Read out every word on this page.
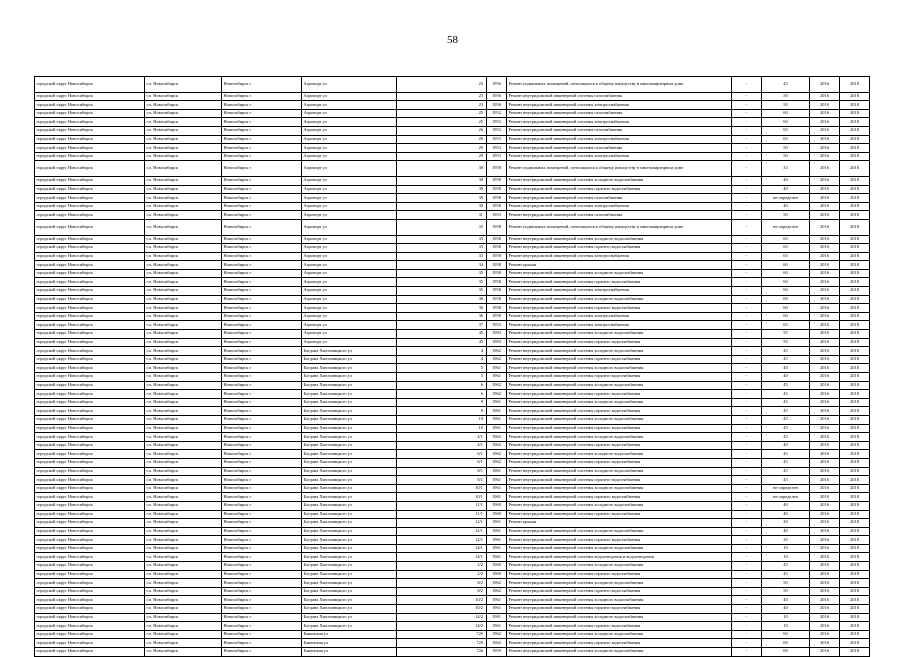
58
городской округ Новосибирск	г.о. Новосибирск	Новосибирск г	Аэропорт ул	23	1956	Ремонт подвальных помещений, относящихся к общему имуществу в многоквартирном доме	-	45	2016	2018
городской округ Новосибирск	г.о. Новосибирск	Новосибирск г	Аэропорт ул	23	1956	Ремонт внутридомовой инженерной системы газоснабжения	-	50	2016	2018
городской округ Новосибирск	г.о. Новосибирск	Новосибирск г	Аэропорт ул	23	1956	Ремонт внутридомовой инженерной системы электроснабжения	-	50	2016	2018
городской округ Новосибирск	г.о. Новосибирск	Новосибирск г	Аэропорт ул	25	1952	Ремонт внутридомовой инженерной системы газоснабжения	-	60	2016	2018
городской округ Новосибирск	г.о. Новосибирск	Новосибирск г	Аэропорт ул	25	1953	Ремонт внутридомовой инженерной системы электроснабжения	-	60	2016	2018
городской округ Новосибирск	г.о. Новосибирск	Новосибирск г	Аэропорт ул	26	1953	Ремонт внутридомовой инженерной системы газоснабжения	-	65	2016	2018
городской округ Новосибирск	г.о. Новосибирск	Новосибирск г	Аэропорт ул	26	1953	Ремонт внутридомовой инженерной системы электроснабжения	-	65	2016	2018
городской округ Новосибирск	г.о. Новосибирск	Новосибирск г	Аэропорт ул	29	1953	Ремонт внутридомовой инженерной системы газоснабжения	-	50	2016	2018
городской округ Новосибирск	г.о. Новосибирск	Новосибирск г	Аэропорт ул	29	1953	Ремонт внутридомовой инженерной системы электроснабжения	-	50	2016	2018
городской округ Новосибирск	г.о. Новосибирск	Новосибирск г	Аэропорт ул	30	1958	Ремонт подвальных помещений, относящихся к общему имуществу в многоквартирном доме	-	33	2016	2018
городской округ Новосибирск	г.о. Новосибирск	Новосибирск г	Аэропорт ул	30	1958	Ремонт внутридомовой инженерной системы холодного водоснабжения	-	40	2016	2018
городской округ Новосибирск	г.о. Новосибирск	Новосибирск г	Аэропорт ул	30	1958	Ремонт внутридомовой инженерной системы горячего водоснабжения	-	40	2016	2018
городской округ Новосибирск	г.о. Новосибирск	Новосибирск г	Аэропорт ул	30	1958	Ремонт внутридомовой инженерной системы газоснабжения	-	не определен	2016	2018
городской округ Новосибирск	г.о. Новосибирск	Новосибирск г	Аэропорт ул	30	1958	Ремонт внутридомовой инженерной системы электроснабжения	-	40	2016	2018
городской округ Новосибирск	г.о. Новосибирск	Новосибирск г	Аэропорт ул	31	1953	Ремонт внутридомовой инженерной системы газоснабжения	-	50	2016	2018
городской округ Новосибирск	г.о. Новосибирск	Новосибирск г	Аэропорт ул	33	1958	Ремонт подвальных помещений, относящихся к общему имуществу в многоквартирном доме	-	не определен	2016	2018
городской округ Новосибирск	г.о. Новосибирск	Новосибирск г	Аэропорт ул	33	1958	Ремонт внутридомовой инженерной системы холодного водоснабжения	-	65	2016	2018
городской округ Новосибирск	г.о. Новосибирск	Новосибирск г	Аэропорт ул	33	1958	Ремонт внутридомовой инженерной системы горячего водоснабжения	-	65	2016	2018
городской округ Новосибирск	г.о. Новосибирск	Новосибирск г	Аэропорт ул	33	1958	Ремонт внутридомовой инженерной системы электроснабжения	-	65	2016	2018
городской округ Новосибирск	г.о. Новосибирск	Новосибирск г	Аэропорт ул	34	1958	Ремонт крыши	-	60	2016	2018
городской округ Новосибирск	г.о. Новосибирск	Новосибирск г	Аэропорт ул	35	1958	Ремонт внутридомовой инженерной системы холодного водоснабжения	-	60	2016	2018
городской округ Новосибирск	г.о. Новосибирск	Новосибирск г	Аэропорт ул	35	1958	Ремонт внутридомовой инженерной системы горячего водоснабжения	-	60	2016	2018
городской округ Новосибирск	г.о. Новосибирск	Новосибирск г	Аэропорт ул	35	1958	Ремонт внутридомовой инженерной системы электроснабжения	-	60	2016	2018
городской округ Новосибирск	г.о. Новосибирск	Новосибирск г	Аэропорт ул	36	1958	Ремонт внутридомовой инженерной системы холодного водоснабжения	-	60	2016	2018
городской округ Новосибирск	г.о. Новосибирск	Новосибирск г	Аэропорт ул	36	1958	Ремонт внутридомовой инженерной системы горячего водоснабжения	-	60	2016	2018
городской округ Новосибирск	г.о. Новосибирск	Новосибирск г	Аэропорт ул	36	1958	Ремонт внутридомовой инженерной системы электроснабжения	-	60	2016	2018
городской округ Новосибирск	г.о. Новосибирск	Новосибирск г	Аэропорт ул	37	1953	Ремонт внутридомовой инженерной системы электроснабжения	-	65	2016	2018
городской округ Новосибирск	г.о. Новосибирск	Новосибирск г	Аэропорт ул	45	1983	Ремонт внутридомовой инженерной системы холодного водоснабжения	-	55	2016	2018
городской округ Новосибирск	г.о. Новосибирск	Новосибирск г	Аэропорт ул	45	1983	Ремонт внутридомовой инженерной системы горячего водоснабжения	-	55	2016	2018
городской округ Новосибирск	г.о. Новосибирск	Новосибирск г	Богдана Хмельницкого ул	4	1962	Ремонт внутридомовой инженерной системы холодного водоснабжения	-	45	2016	2018
городской округ Новосибирск	г.о. Новосибирск	Новосибирск г	Богдана Хмельницкого ул	4	1962	Ремонт внутридомовой инженерной системы горячего водоснабжения	-	45	2016	2018
городской округ Новосибирск	г.о. Новосибирск	Новосибирск г	Богдана Хмельницкого ул	5	1961	Ремонт внутридомовой инженерной системы холодного водоснабжения	-	40	2016	2018
городской округ Новосибирск	г.о. Новосибирск	Новосибирск г	Богдана Хмельницкого ул	5	1961	Ремонт внутридомовой инженерной системы горячего водоснабжения	-	40	2016	2018
городской округ Новосибирск	г.о. Новосибирск	Новосибирск г	Богдана Хмельницкого ул	6	1962	Ремонт внутридомовой инженерной системы холодного водоснабжения	-	45	2016	2018
городской округ Новосибирск	г.о. Новосибирск	Новосибирск г	Богдана Хмельницкого ул	6	1962	Ремонт внутридомовой инженерной системы горячего водоснабжения	-	45	2016	2018
городской округ Новосибирск	г.о. Новосибирск	Новосибирск г	Богдана Хмельницкого ул	8	1961	Ремонт внутридомовой инженерной системы холодного водоснабжения	-	45	2016	2018
городской округ Новосибирск	г.о. Новосибирск	Новосибирск г	Богдана Хмельницкого ул	8	1961	Ремонт внутридомовой инженерной системы горячего водоснабжения	-	45	2016	2018
городской округ Новосибирск	г.о. Новосибирск	Новосибирск г	Богдана Хмельницкого ул	10	1961	Ремонт внутридомовой инженерной системы холодного водоснабжения	-	45	2016	2018
городской округ Новосибирск	г.о. Новосибирск	Новосибирск г	Богдана Хмельницкого ул	10	1961	Ремонт внутридомовой инженерной системы горячего водоснабжения	-	45	2016	2018
городской округ Новосибирск	г.о. Новосибирск	Новосибирск г	Богдана Хмельницкого ул	4/1	1962	Ремонт внутридомовой инженерной системы холодного водоснабжения	-	45	2016	2018
городской округ Новосибирск	г.о. Новосибирск	Новосибирск г	Богдана Хмельницкого ул	4/1	1962	Ремонт внутридомовой инженерной системы горячего водоснабжения	-	40	2016	2018
городской округ Новосибирск	г.о. Новосибирск	Новосибирск г	Богдана Хмельницкого ул	6/1	1962	Ремонт внутридомовой инженерной системы холодного водоснабжения	-	45	2016	2018
городской округ Новосибирск	г.о. Новосибирск	Новосибирск г	Богдана Хмельницкого ул	6/1	1962	Ремонт внутридомовой инженерной системы горячего водоснабжения	-	45	2016	2018
городской округ Новосибирск	г.о. Новосибирск	Новосибирск г	Богдана Хмельницкого ул	8/1	1961	Ремонт внутридомовой инженерной системы холодного водоснабжения	-	45	2016	2018
городской округ Новосибирск	г.о. Новосибирск	Новосибирск г	Богдана Хмельницкого ул	8/1	1961	Ремонт внутридомовой инженерной системы горячего водоснабжения	-	45	2016	2018
городской округ Новосибирск	г.о. Новосибирск	Новосибирск г	Богдана Хмельницкого ул	10/1	1961	Ремонт внутридомовой инженерной системы холодного водоснабжения	-	не определен	2016	2018
городской округ Новосибирск	г.о. Новосибирск	Новосибирск г	Богдана Хмельницкого ул	10/1	1961	Ремонт внутридомовой инженерной системы горячего водоснабжения	-	не определен	2016	2018
городской округ Новосибирск	г.о. Новосибирск	Новосибирск г	Богдана Хмельницкого ул	11/1	1960	Ремонт внутридомовой инженерной системы холодного водоснабжения	-	40	2016	2018
городской округ Новосибирск	г.о. Новосибирск	Новосибирск г	Богдана Хмельницкого ул	11/1	1960	Ремонт внутридомовой инженерной системы горячего водоснабжения	-	40	2016	2018
городской округ Новосибирск	г.о. Новосибирск	Новосибирск г	Богдана Хмельницкого ул	12/1	1961	Ремонт крыши	-	20	2016	2018
городской округ Новосибирск	г.о. Новосибирск	Новосибирск г	Богдана Хмельницкого ул	12/1	1961	Ремонт внутридомовой инженерной системы холодного водоснабжения	-	40	2016	2018
городской округ Новосибирск	г.о. Новосибирск	Новосибирск г	Богдана Хмельницкого ул	12/1	1961	Ремонт внутридомовой инженерной системы горячего водоснабжения	-	35	2016	2018
городской округ Новосибирск	г.о. Новосибирск	Новосибирск г	Богдана Хмельницкого ул	14/1	1961	Ремонт внутридомовой инженерной системы холодного водоснабжения	-	10	2016	2018
городской округ Новосибирск	г.о. Новосибирск	Новосибирск г	Богдана Хмельницкого ул	14/1	1961	Ремонт внутридомовой инженерной системы водоотведения и водоотведения	-	10	2016	2018
городской округ Новосибирск	г.о. Новосибирск	Новосибирск г	Богдана Хмельницкого ул	2/2	1960	Ремонт внутридомовой инженерной системы холодного водоснабжения	-	45	2016	2018
городской округ Новосибирск	г.о. Новосибирск	Новосибирск г	Богдана Хмельницкого ул	2/2	1960	Ремонт внутридомовой инженерной системы горячего водоснабжения	-	45	2016	2018
городской округ Новосибирск	г.о. Новосибирск	Новосибирск г	Богдана Хмельницкого ул	8/2	1962	Ремонт внутридомовой инженерной системы холодного водоснабжения	-	50	2016	2018
городской округ Новосибирск	г.о. Новосибирск	Новосибирск г	Богдана Хмельницкого ул	8/2	1962	Ремонт внутридомовой инженерной системы горячего водоснабжения	-	50	2016	2018
городской округ Новосибирск	г.о. Новосибирск	Новосибирск г	Богдана Хмельницкого ул	10/2	1961	Ремонт внутридомовой инженерной системы холодного водоснабжения	-	40	2016	2018
городской округ Новосибирск	г.о. Новосибирск	Новосибирск г	Богдана Хмельницкого ул	10/2	1961	Ремонт внутридомовой инженерной системы горячего водоснабжения	-	40	2016	2018
городской округ Новосибирск	г.о. Новосибирск	Новосибирск г	Богдана Хмельницкого ул	14/2	1961	Ремонт внутридомовой инженерной системы холодного водоснабжения	-	10	2016	2018
городской округ Новосибирск	г.о. Новосибирск	Новосибирск г	Богдана Хмельницкого ул	14/2	1961	Ремонт внутридомовой инженерной системы горячего водоснабжения	-	10	2016	2018
городской округ Новосибирск	г.о. Новосибирск	Новосибирск г	Бакинская ул	72б	1962	Ремонт внутридомовой инженерной системы холодного водоснабжения	-	60	2016	2018
городской округ Новосибирск	г.о. Новосибирск	Новосибирск г	Бакинская ул	72б	1962	Ремонт внутридомовой инженерной системы горячего водоснабжения	-	60	2016	2018
городской округ Новосибирск	г.о. Новосибирск	Новосибирск г	Бакинская ул	72в	1959	Ремонт внутридомовой инженерной системы холодного водоснабжения	-	60	2016	2018
